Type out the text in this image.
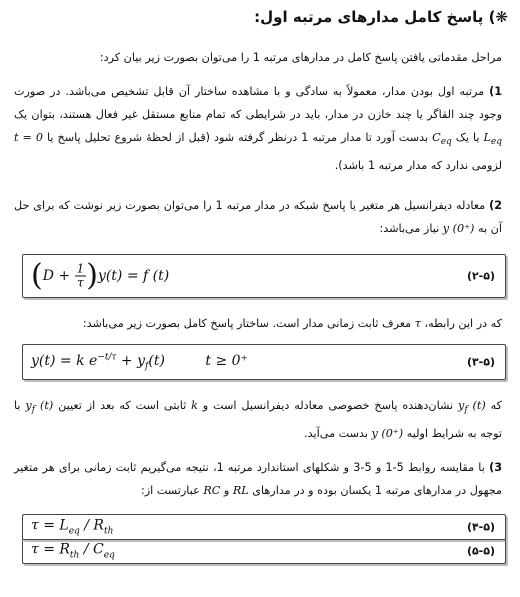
❋) پاسخ کامل مدارهای مرتبه اول:
مراحل مقدماتی یافتن پاسخ کامل در مدارهای مرتبه 1 را می‌توان بصورت زیر بیان کرد:
1) مرتبه اول بودن مدار، معمولاً به سادگی و با مشاهده ساختار آن قابل تشخیص می‌باشد. در صورت وجود چند القاگر یا چند خازن در مدار، باید در شرایطی که تمام منابع مستقل غیر فعال هستند، بتوان یک $L_{eq}$ یا یک $C_{eq}$ بدست آورد تا مدار مرتبه 1 درنظر گرفته شود (قبل از لحظهٔ شروع تحلیل پاسخ یا t = 0 لزومی ندارد که مدار مرتبه 1 باشد).
2) معادله دیفرانسیل هر متغیر یا پاسخ شبکه در مدار مرتبه 1 را می‌توان بصورت زیر نوشت که برای حل آن به y (0⁺) نیاز می‌باشد:
$(D + \frac{1}{\tau} )y(t) = f$ (t)	(۲-۵)
که در این رابطه، τ معرف ثابت زمانی مدار است. ساختار پاسخ کامل بصورت زیر می‌باشد:
y(t) = k $e^{-t/\tau} + y_f(t)$	t ≥ 0⁺	(۳-۵)
که $y_f$ (t) نشان‌دهنده پاسخ خصوصی معادله دیفرانسیل است و k ثابتی است که بعد از تعیین $y_f$ (t) با توجه به شرایط اولیه y (0⁺) بدست می‌آید.
3) با مقایسه روابط 5-1 و 5-3 و شکلهای استاندارد مرتبه 1، نتیجه می‌گیریم ثابت زمانی برای هر متغیر مجهول در مدارهای مرتبه 1 یکسان بوده و در مدارهای RL و RC عبارتست از:
$\tau = L_{eq} / R_{th}$	(۴-۵)
$\tau = R_{th} / C_{eq}$	(۵-۵)
